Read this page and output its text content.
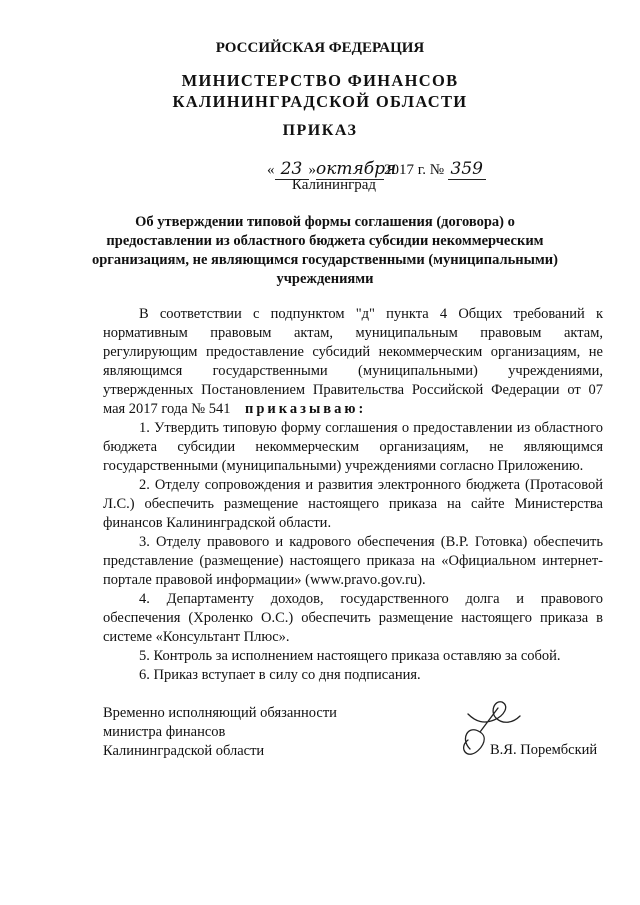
РОССИЙСКАЯ ФЕДЕРАЦИЯ
МИНИСТЕРСТВО ФИНАНСОВ
КАЛИНИНГРАДСКОЙ ОБЛАСТИ
ПРИКАЗ
« 23 »октября2017 г. № 359
Калининград
Об утверждении типовой формы соглашения (договора) о предоставлении из областного бюджета субсидии некоммерческим организациям, не являющимся государственными (муниципальными) учреждениями

В соответствии с подпунктом "д" пункта 4 Общих требований к нормативным правовым актам, муниципальным правовым актам, регулирующим предоставление субсидий некоммерческим организациям, не являющимся государственными (муниципальными) учреждениями, утвержденных Постановлением Правительства Российской Федерации от 07 мая 2017 года № 541 приказываю:

1. Утвердить типовую форму соглашения о предоставлении из областного бюджета субсидии некоммерческим организациям, не являющимся государственными (муниципальными) учреждениями согласно Приложению.

2. Отделу сопровождения и развития электронного бюджета (Протасовой Л.С.) обеспечить размещение настоящего приказа на сайте Министерства финансов Калининградской области.

3. Отделу правового и кадрового обеспечения (В.Р. Готовка) обеспечить представление (размещение) настоящего приказа на «Официальном интернет-портале правовой информации» (www.pravo.gov.ru).

4. Департаменту доходов, государственного долга и правового обеспечения (Хроленко О.С.) обеспечить размещение настоящего приказа в системе «Консультант Плюс».

5. Контроль за исполнением настоящего приказа оставляю за собой.

6. Приказ вступает в силу со дня подписания.

Временно исполняющий обязанности
министра финансов
Калининградской области	В.Я. Порембский
